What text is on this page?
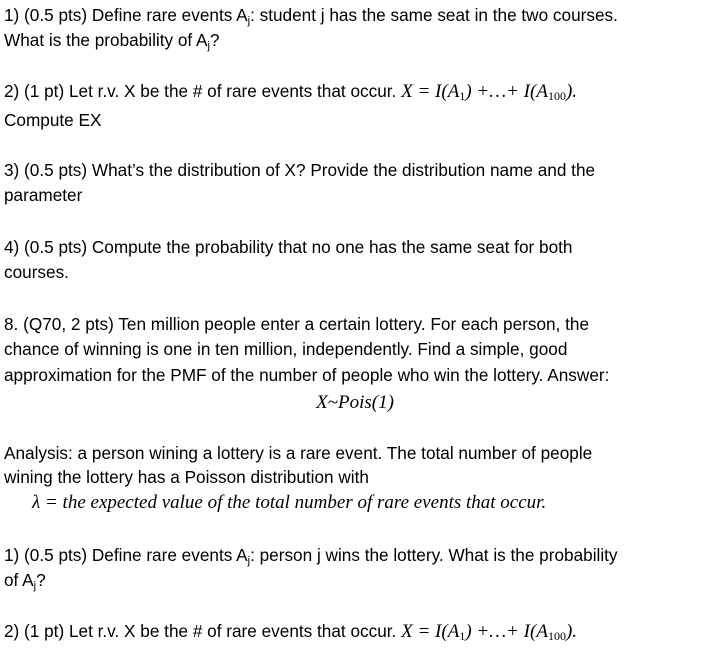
1) (0.5 pts) Define rare events $A_j$: student j has the same seat in the two courses.
What is the probability of $A_j$?
2) (1 pt) Let r.v. X be the # of rare events that occur. $X = I(A_1)$ +…+ $I(A_{100})$.
Compute EX
3) (0.5 pts) What’s the distribution of X? Provide the distribution name and the
parameter
4) (0.5 pts) Compute the probability that no one has the same seat for both
courses.
8. (Q70, 2 pts) Ten million people enter a certain lottery. For each person, the
chance of winning is one in ten million, independently. Find a simple, good
approximation for the PMF of the number of people who win the lottery. Answer:
X~Pois(1)
Analysis: a person wining a lottery is a rare event. The total number of people
wining the lottery has a Poisson distribution with
λ = the expected value of the total number of rare events that occur.
1) (0.5 pts) Define rare events $A_j$: person j wins the lottery. What is the probability
of $A_j$?
2) (1 pt) Let r.v. X be the # of rare events that occur. $X = I(A_1)$ +…+ $I(A_{100})$.
